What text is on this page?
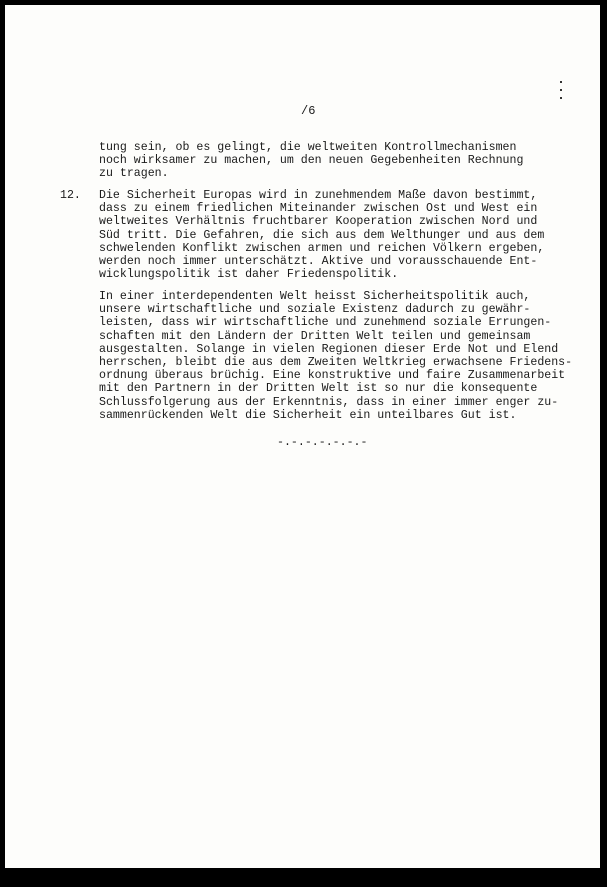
/6

tung sein, ob es gelingt, die weltweiten Kontrollmechanismen
noch wirksamer zu machen, um den neuen Gegebenheiten Rechnung
zu tragen.

12. Die Sicherheit Europas wird in zunehmendem Maße davon bestimmt,
dass zu einem friedlichen Miteinander zwischen Ost und West ein
weltweites Verhältnis fruchtbarer Kooperation zwischen Nord und
Süd tritt. Die Gefahren, die sich aus dem Welthunger und aus dem
schwelenden Konflikt zwischen armen und reichen Völkern ergeben,
werden noch immer unterschätzt. Aktive und vorausschauende Ent-
wicklungspolitik ist daher Friedenspolitik.

In einer interdependenten Welt heisst Sicherheitspolitik auch,
unsere wirtschaftliche und soziale Existenz dadurch zu gewähr-
leisten, dass wir wirtschaftliche und zunehmend soziale Errungen-
schaften mit den Ländern der Dritten Welt teilen und gemeinsam
ausgestalten. Solange in vielen Regionen dieser Erde Not und Elend
herrschen, bleibt die aus dem Zweiten Weltkrieg erwachsene Friedens-
ordnung überaus brüchig. Eine konstruktive und faire Zusammenarbeit
mit den Partnern in der Dritten Welt ist so nur die konsequente
Schlussfolgerung aus der Erkenntnis, dass in einer immer enger zu-
sammenrückenden Welt die Sicherheit ein unteilbares Gut ist.

-.-.-.-.-.-.-
